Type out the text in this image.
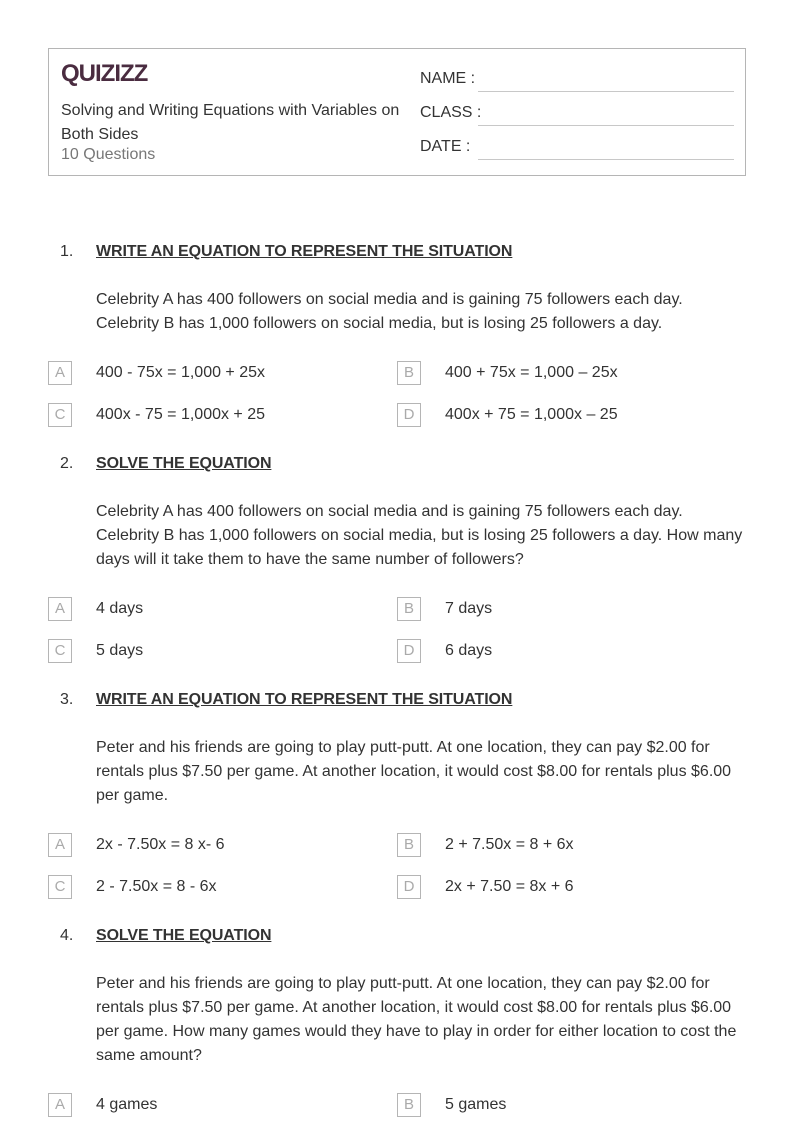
QUIZIZZ
Solving and Writing Equations with Variables on Both Sides
10 Questions
NAME :
CLASS :
DATE :
1. WRITE AN EQUATION TO REPRESENT THE SITUATION
Celebrity A has 400 followers on social media and is gaining 75 followers each day. Celebrity B has 1,000 followers on social media, but is losing 25 followers a day.
A	400 - 75x = 1,000 + 25x	B	400 + 75x = 1,000 – 25x
C	400x - 75 = 1,000x + 25	D	400x + 75 = 1,000x – 25
2. SOLVE THE EQUATION
Celebrity A has 400 followers on social media and is gaining 75 followers each day. Celebrity B has 1,000 followers on social media, but is losing 25 followers a day. How many days will it take them to have the same number of followers?
A	4 days	B	7 days
C	5 days	D	6 days
3. WRITE AN EQUATION TO REPRESENT THE SITUATION
Peter and his friends are going to play putt-putt. At one location, they can pay $2.00 for rentals plus $7.50 per game. At another location, it would cost $8.00 for rentals plus $6.00 per game.
A	2x - 7.50x = 8 x- 6	B	2 + 7.50x = 8 + 6x
C	2 - 7.50x = 8 - 6x	D	2x + 7.50 = 8x + 6
4. SOLVE THE EQUATION
Peter and his friends are going to play putt-putt. At one location, they can pay $2.00 for rentals plus $7.50 per game. At another location, it would cost $8.00 for rentals plus $6.00 per game. How many games would they have to play in order for either location to cost the same amount?
A	4 games	B	5 games
